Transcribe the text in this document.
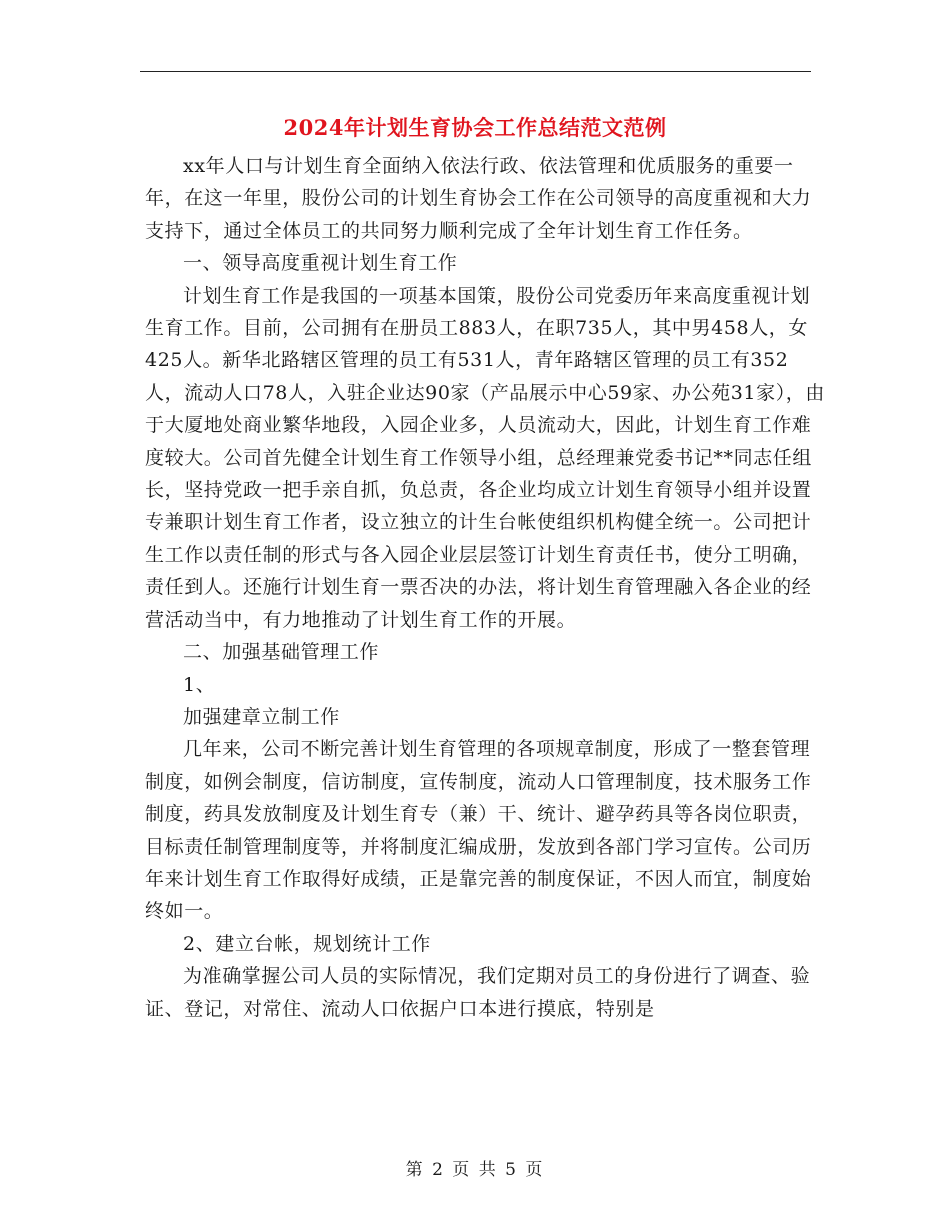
2024年计划生育协会工作总结范文范例

xx年人口与计划生育全面纳入依法行政、依法管理和优质服务的重要一年，在这一年里，股份公司的计划生育协会工作在公司领导的高度重视和大力支持下，通过全体员工的共同努力顺利完成了全年计划生育工作任务。

一、领导高度重视计划生育工作

计划生育工作是我国的一项基本国策，股份公司党委历年来高度重视计划生育工作。目前，公司拥有在册员工883人，在职735人，其中男458人，女425人。新华北路辖区管理的员工有531人，青年路辖区管理的员工有352人，流动人口78人，入驻企业达90家（产品展示中心59家、办公苑31家），由于大厦地处商业繁华地段，入园企业多，人员流动大，因此，计划生育工作难度较大。公司首先健全计划生育工作领导小组，总经理兼党委书记**同志任组长，坚持党政一把手亲自抓，负总责，各企业均成立计划生育领导小组并设置专兼职计划生育工作者，设立独立的计生台帐使组织机构健全统一。公司把计生工作以责任制的形式与各入园企业层层签订计划生育责任书，使分工明确，责任到人。还施行计划生育一票否决的办法，将计划生育管理融入各企业的经营活动当中，有力地推动了计划生育工作的开展。

二、加强基础管理工作

1、

加强建章立制工作

几年来，公司不断完善计划生育管理的各项规章制度，形成了一整套管理制度，如例会制度，信访制度，宣传制度，流动人口管理制度，技术服务工作制度，药具发放制度及计划生育专（兼）干、统计、避孕药具等各岗位职责，目标责任制管理制度等，并将制度汇编成册，发放到各部门学习宣传。公司历年来计划生育工作取得好成绩，正是靠完善的制度保证，不因人而宜，制度始终如一。

2、建立台帐，规划统计工作

为准确掌握公司人员的实际情况，我们定期对员工的身份进行了调查、验证、登记，对常住、流动人口依据户口本进行摸底，特别是

第 2 页 共 5 页
